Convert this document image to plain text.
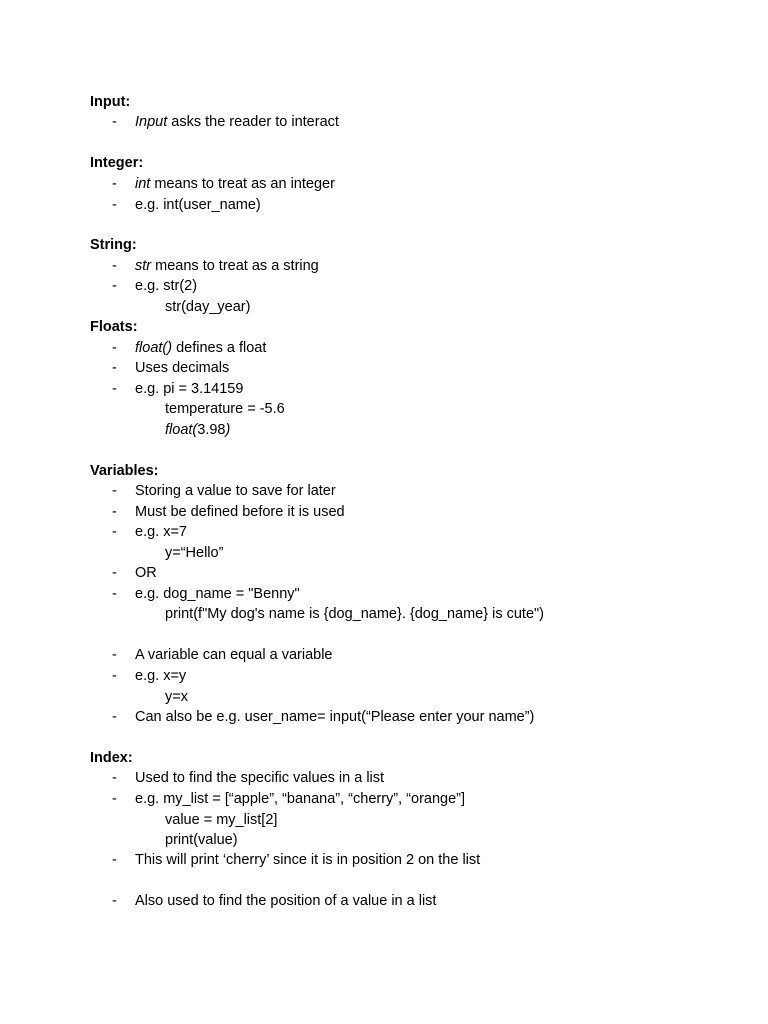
Input:
- Input asks the reader to interact
Integer:
- int means to treat as an integer
- e.g. int(user_name)
String:
- str means to treat as a string
- e.g. str(2)
str(day_year)
Floats:
- float() defines a float
- Uses decimals
- e.g. pi = 3.14159
temperature = -5.6
float(3.98)
Variables:
- Storing a value to save for later
- Must be defined before it is used
- e.g. x=7
y=“Hello”
- OR
- e.g. dog_name = "Benny"
print(f"My dog's name is {dog_name}. {dog_name} is cute")
- A variable can equal a variable
- e.g. x=y
y=x
- Can also be e.g. user_name= input(“Please enter your name”)
Index:
- Used to find the specific values in a list
- e.g. my_list = [“apple”, “banana”, “cherry”, “orange”]
value = my_list[2]
print(value)
- This will print ‘cherry’ since it is in position 2 on the list
- Also used to find the position of a value in a list
